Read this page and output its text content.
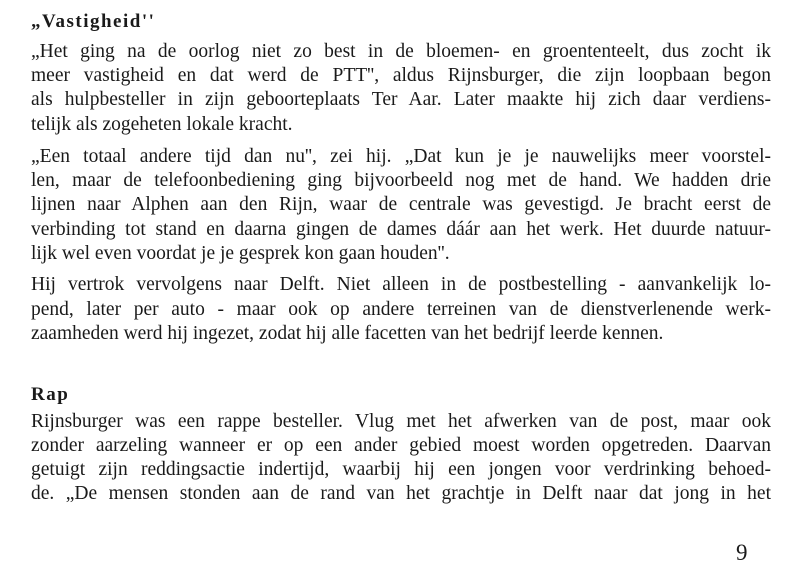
„Vastigheid''

„Het ging na de oorlog niet zo best in de bloemen- en groententeelt, dus zocht ik

meer vastigheid en dat werd de PTT'', aldus Rijnsburger, die zijn loopbaan begon

als hulpbesteller in zijn geboorteplaats Ter Aar. Later maakte hij zich daar verdiens-

telijk als zogeheten lokale kracht.

„Een totaal andere tijd dan nu'', zei hij. „Dat kun je je nauwelijks meer voorstel-

len, maar de telefoonbediening ging bijvoorbeeld nog met de hand. We hadden drie

lijnen naar Alphen aan den Rijn, waar de centrale was gevestigd. Je bracht eerst de

verbinding tot stand en daarna gingen de dames dáár aan het werk. Het duurde natuur-

lijk wel even voordat je je gesprek kon gaan houden''.

Hij vertrok vervolgens naar Delft. Niet alleen in de postbestelling - aanvankelijk lo-

pend, later per auto - maar ook op andere terreinen van de dienstverlenende werk-

zaamheden werd hij ingezet, zodat hij alle facetten van het bedrijf leerde kennen.

Rap

Rijnsburger was een rappe besteller. Vlug met het afwerken van de post, maar ook

zonder aarzeling wanneer er op een ander gebied moest worden opgetreden. Daarvan

getuigt zijn reddingsactie indertijd, waarbij hij een jongen voor verdrinking behoed-

de. „De mensen stonden aan de rand van het grachtje in Delft naar dat jong in het

9
